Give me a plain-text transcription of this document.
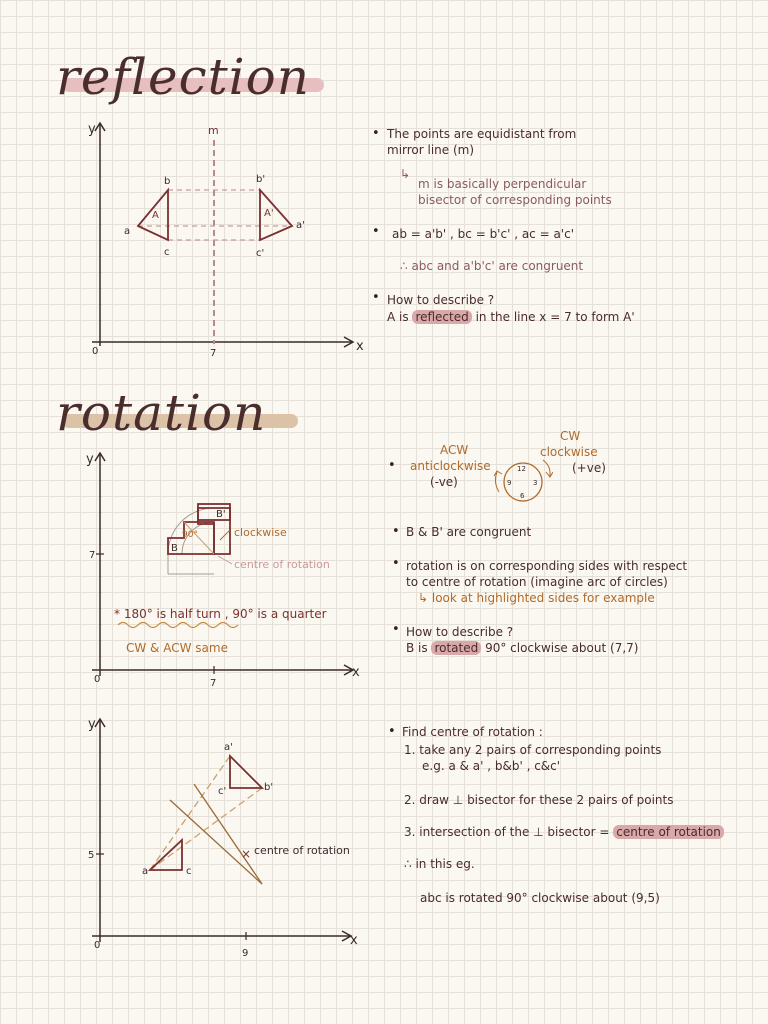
reflection
y
x
0
m
7
a
b
c
A
a'
b'
c'
A'
• The points are equidistant from
mirror line (m)
↳
m is basically perpendicular
bisector of corresponding points
• ab = a'b' , bc = b'c' , ac = a'c'
∴ abc and a'b'c' are congruent
• How to describe ?
A is reflected in the line x = 7 to form A'
rotation
y
x
0
7
7
B
B'
90°	clockwise
centre of rotation
* 180° is half turn , 90° is a quarter
CW & ACW same
•
ACW
anticlockwise
(-ve)
CW
clockwise
(+ve)
12
3
6
9
• B & B' are congruent
• rotation is on corresponding sides with respect
to centre of rotation (imagine arc of circles)
↳ look at highlighted sides for example
• How to describe ?
B is rotated 90° clockwise about (7,7)
y
x
0
5
9
×
a	c
a'
b'
c'
centre of rotation
• Find centre of rotation :
1. take any 2 pairs of corresponding points
e.g. a & a' , b&b' , c&c'
2. draw ⊥ bisector for these 2 pairs of points
3. intersection of the ⊥ bisector = centre of rotation
∴ in this eg.
abc is rotated 90° clockwise about (9,5)
